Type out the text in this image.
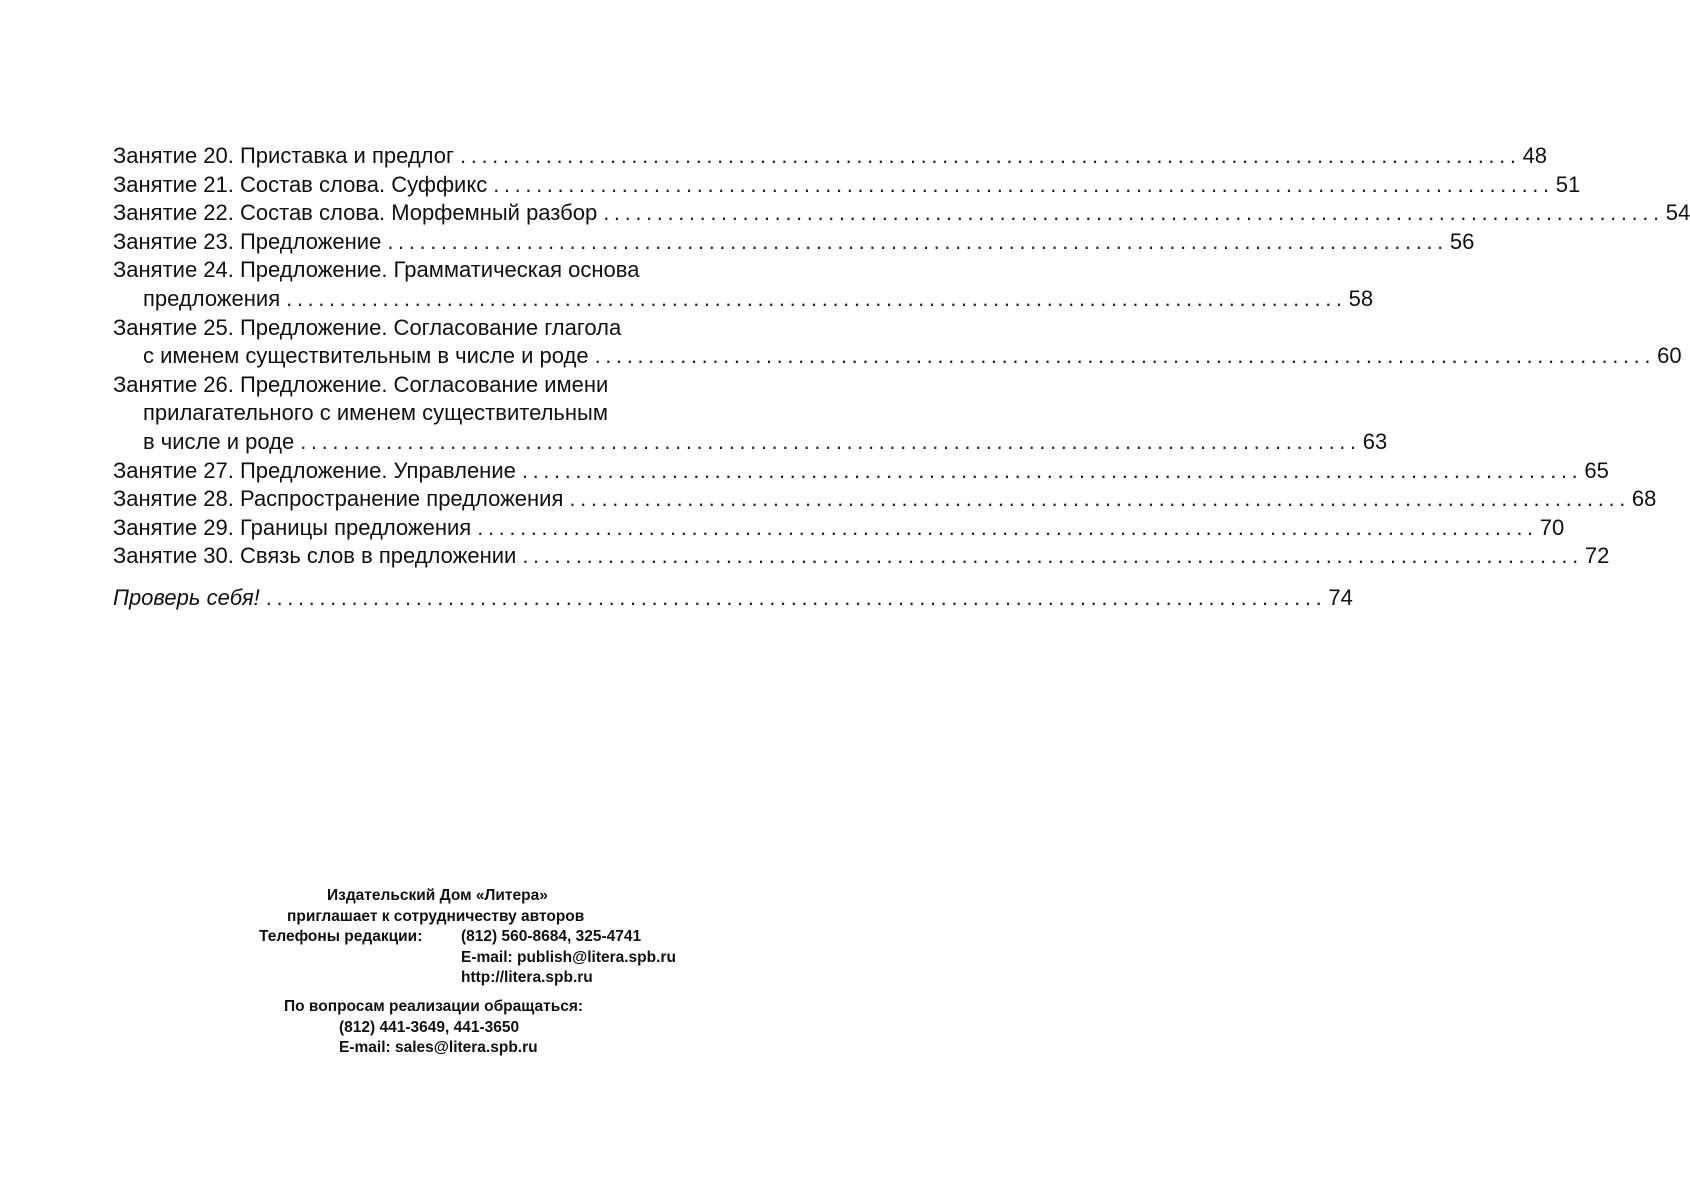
Занятие 20. Приставка и предлог ................................................................................................... 48
Занятие 21. Состав слова. Суффикс ................................................................................................... 51
Занятие 22. Состав слова. Морфемный разбор ................................................................................................... 54
Занятие 23. Предложение ................................................................................................... 56
Занятие 24. Предложение. Грамматическая основа
предложения ................................................................................................... 58
Занятие 25. Предложение. Согласование глагола
с именем существительным в числе и роде ................................................................................................... 60
Занятие 26. Предложение. Согласование имени
прилагательного с именем существительным
в числе и роде ................................................................................................... 63
Занятие 27. Предложение. Управление ................................................................................................... 65
Занятие 28. Распространение предложения ................................................................................................... 68
Занятие 29. Границы предложения ................................................................................................... 70
Занятие 30. Связь слов в предложении ................................................................................................... 72
Проверь себя! ................................................................................................... 74
Издательский Дом «Литера»
приглашает к сотрудничеству авторов
Телефоны редакции: (812) 560-8684, 325-4741
E-mail: publish@litera.spb.ru
http://litera.spb.ru
По вопросам реализации обращаться:
(812) 441-3649, 441-3650
E-mail: sales@litera.spb.ru
